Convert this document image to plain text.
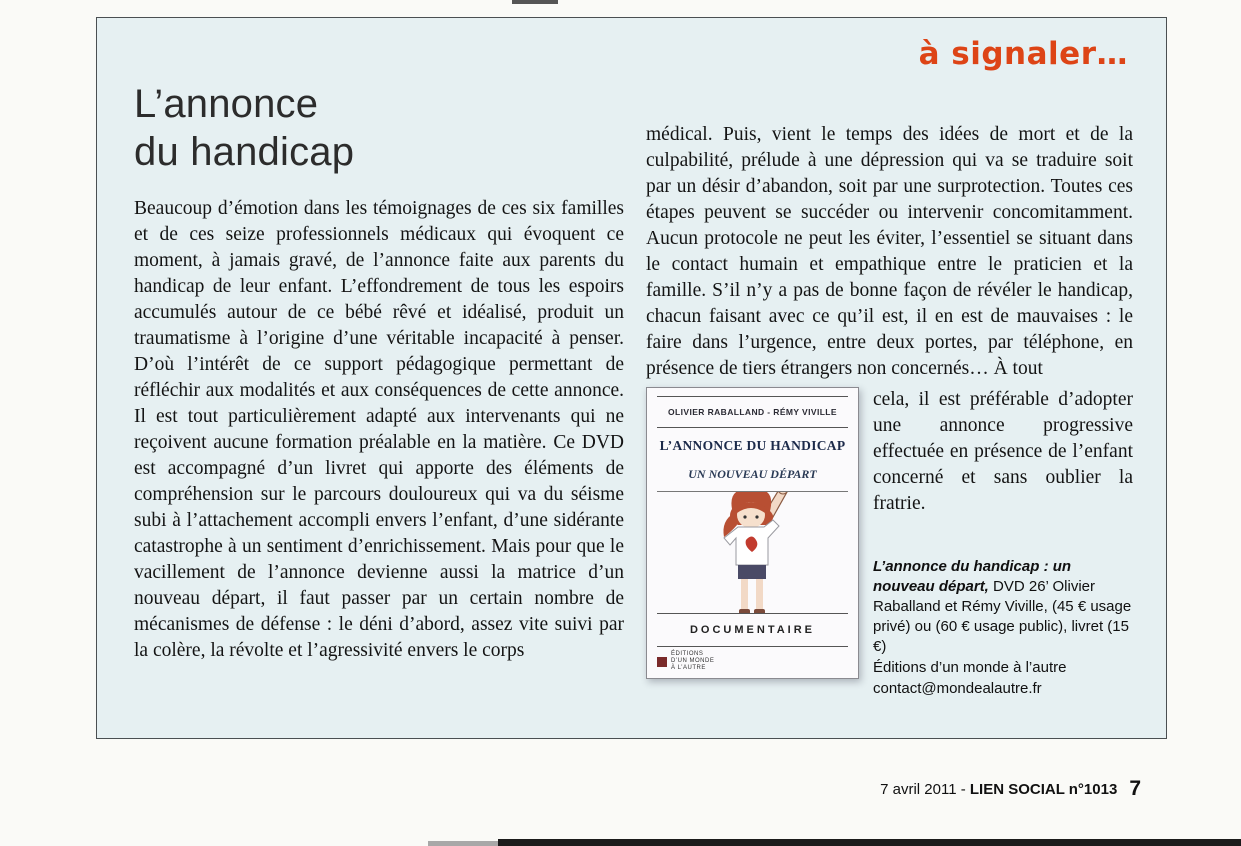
à signaler…
L’annonce
du handicap
Beaucoup d’émotion dans les témoignages de ces six familles et de ces seize professionnels médicaux qui évoquent ce moment, à jamais gravé, de l’annonce faite aux parents du handicap de leur enfant. L’effondrement de tous les espoirs accumulés autour de ce bébé rêvé et idéalisé, produit un traumatisme à l’origine d’une véritable incapacité à penser. D’où l’intérêt de ce support pédagogique permettant de réfléchir aux modalités et aux conséquences de cette annonce. Il est tout particulièrement adapté aux intervenants qui ne reçoivent aucune formation préalable en la matière. Ce DVD est accompagné d’un livret qui apporte des éléments de compréhension sur le parcours douloureux qui va du séisme subi à l’attachement accompli envers l’enfant, d’une sidérante catastrophe à un sentiment d’enrichissement. Mais pour que le vacillement de l’annonce devienne aussi la matrice d’un nouveau départ, il faut passer par un certain nombre de mécanismes de défense : le déni d’abord, assez vite suivi par la colère, la révolte et l’agressivité envers le corps

médical. Puis, vient le temps des idées de mort et de la culpabilité, prélude à une dépression qui va se traduire soit par un désir d’abandon, soit par une surprotection. Toutes ces étapes peuvent se succéder ou intervenir concomitamment. Aucun protocole ne peut les éviter, l’essentiel se situant dans le contact humain et empathique entre le praticien et la famille. S’il n’y a pas de bonne façon de révéler le handicap, chacun faisant avec ce qu’il est, il en est de mauvaises : le faire dans l’urgence, entre deux portes, par téléphone, en présence de tiers étrangers non concernés… À tout

OLIVIER RABALLAND - RÉMY VIVILLE
L’ANNONCE DU HANDICAP
UN NOUVEAU DÉPART
DOCUMENTAIRE
ÉDITIONS
D’UN MONDE
À L’AUTRE

cela, il est préférable d’adopter une annonce progressive effectuée en présence de l’enfant concerné et sans oublier la fratrie.

L’annonce du handicap : un nouveau départ, DVD 26’ Olivier Raballand et Rémy Viville, (45 € usage privé) ou (60 € usage public), livret (15 €)

Éditions d’un monde à l’autre
contact@mondealautre.fr
7 avril 2011 - LIEN SOCIAL n°1013 7
